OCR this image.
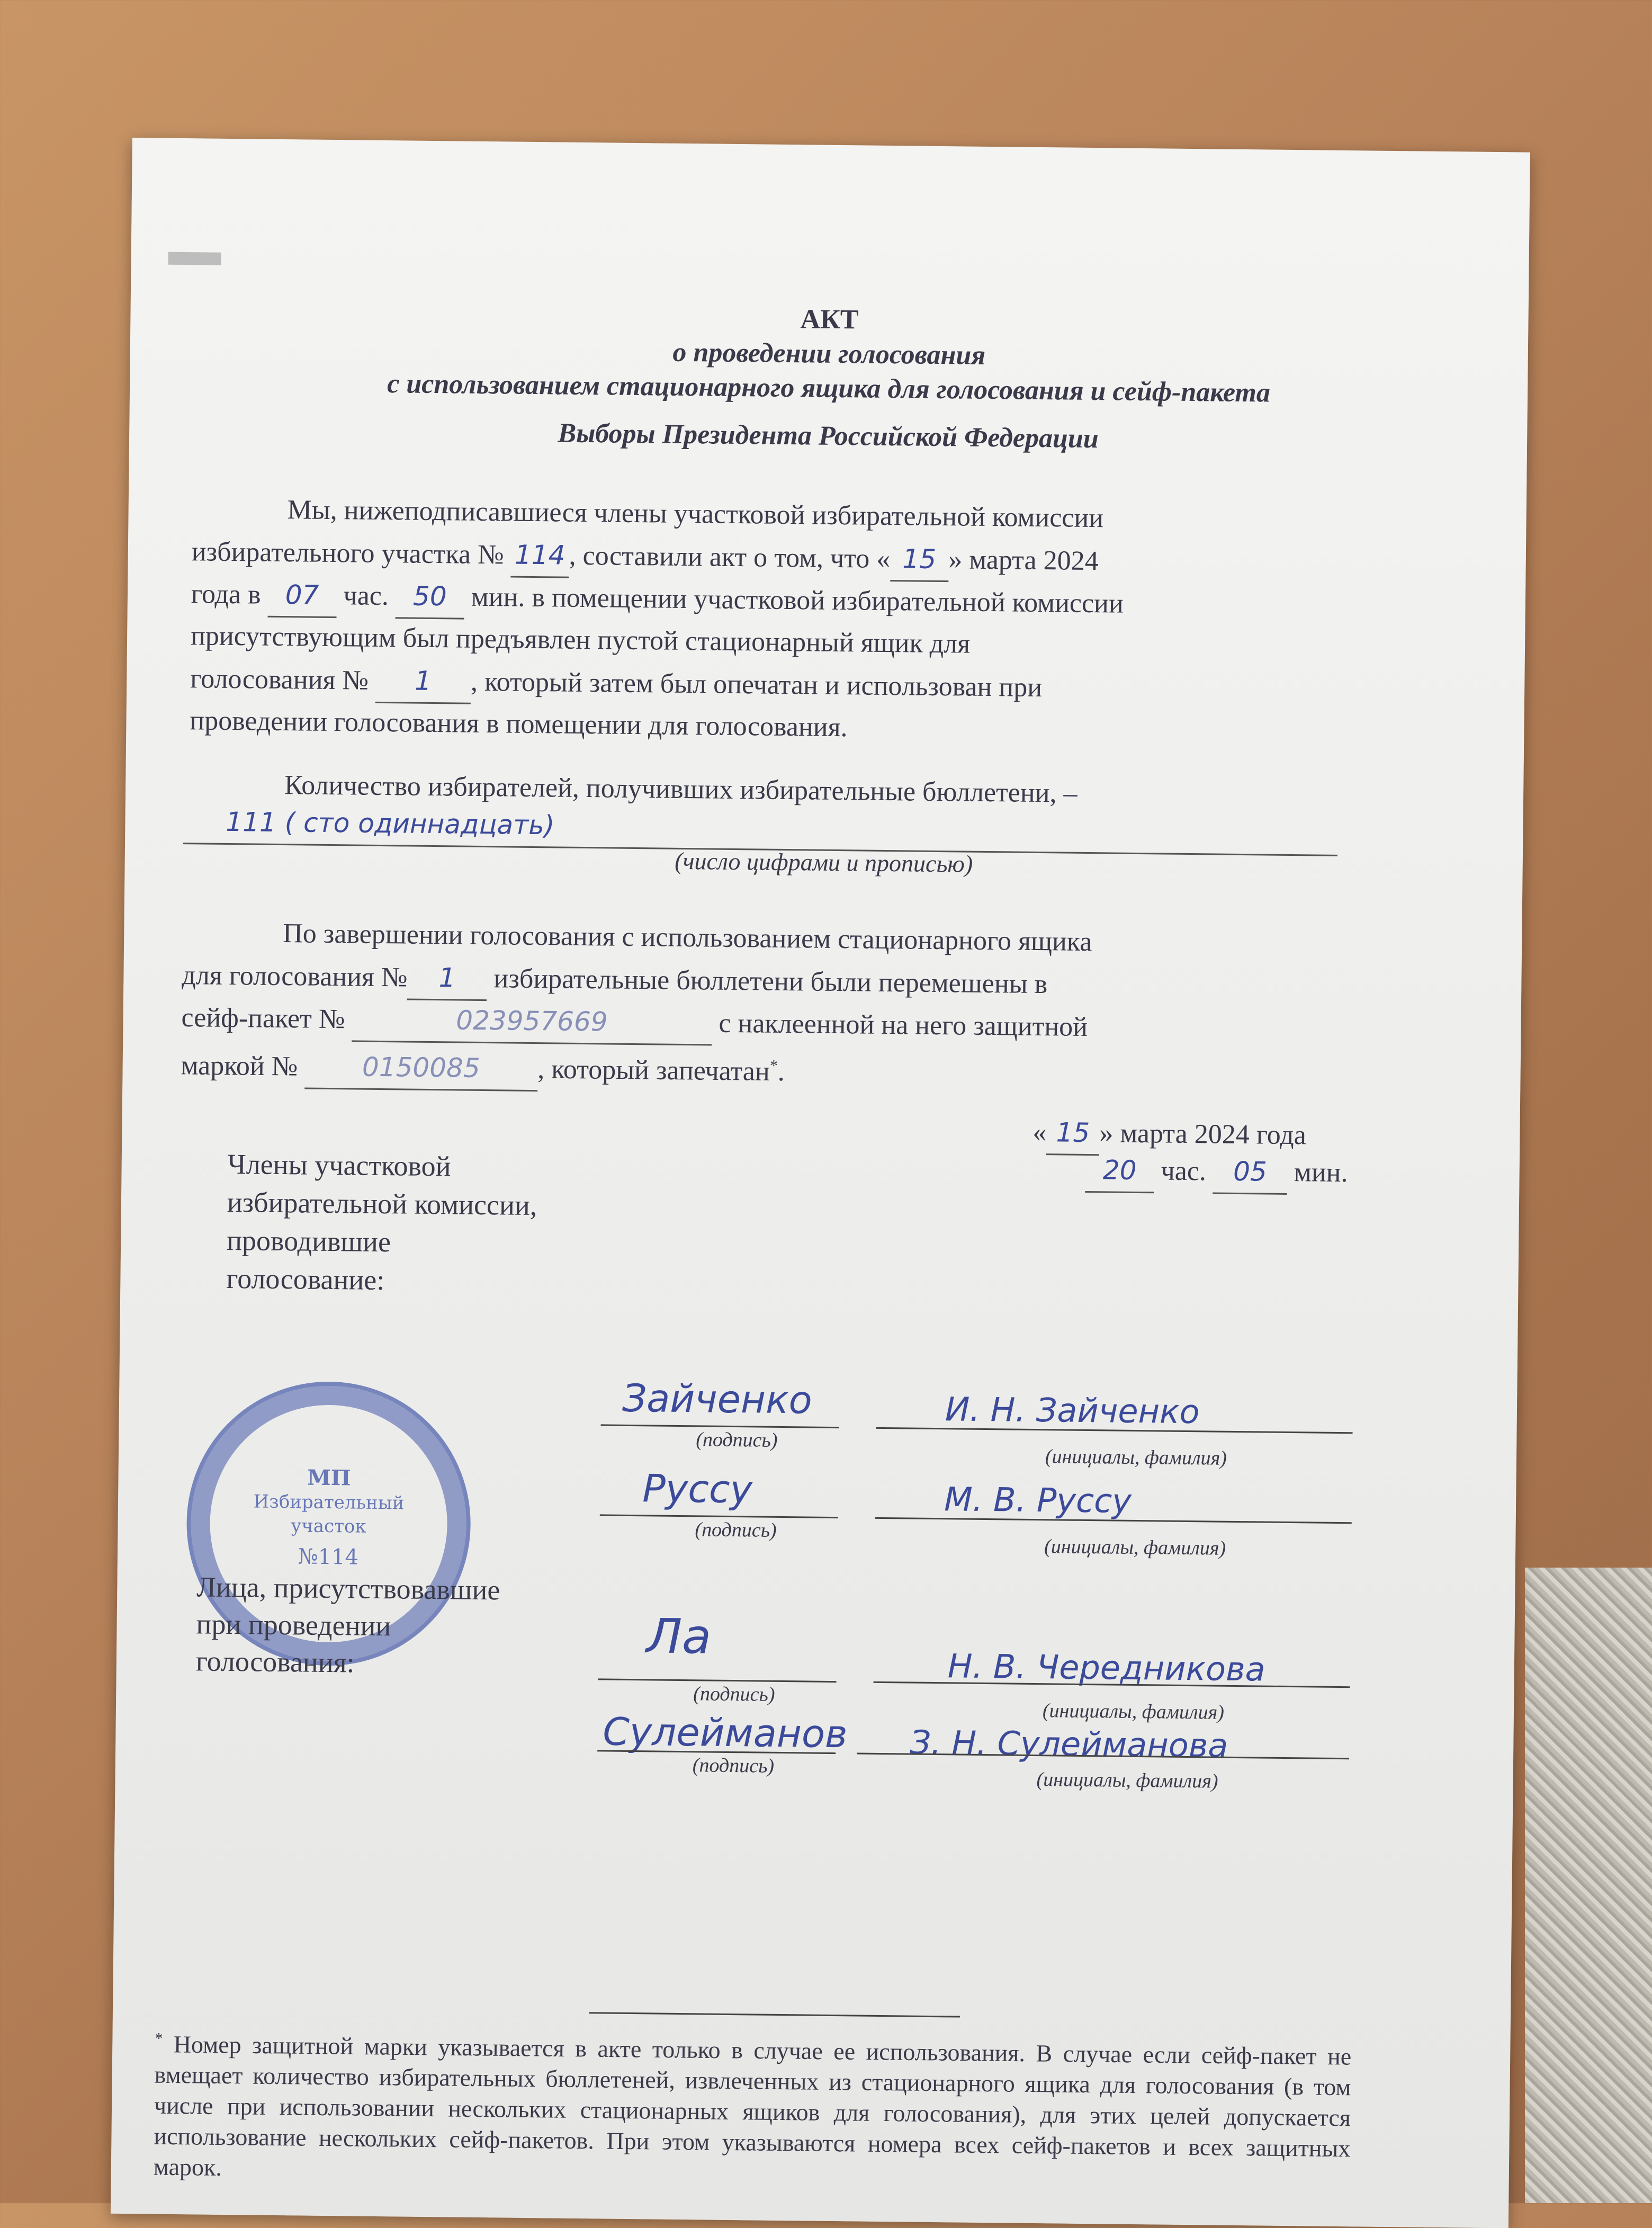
АКТ
о проведении голосования
с использованием стационарного ящика для голосования и сейф-пакета
Выборы Президента Российской Федерации
Мы, нижеподписавшиеся члены участковой избирательной комиссии
избирательного участка № 114 , составили акт о том, что « 15 » марта 2024
года в 07 час. 50 мин. в помещении участковой избирательной комиссии
присутствующим был предъявлен пустой стационарный ящик для
голосования № 1 , который затем был опечатан и использован при
проведении голосования в помещении для голосования.
Количество избирателей, получивших избирательные бюллетени, –
111 ( сто одиннадцать)
(число цифрами и прописью)
По завершении голосования с использованием стационарного ящика
для голосования № 1 избирательные бюллетени были перемешены в
сейф-пакет №	023957669	с наклеенной на него защитной
маркой № 0150085 , который запечатан*.
« 15 » марта 2024 года
20 час. 05 мин.
Члены участковой
избирательной комиссии,
проводившие
голосование:
МП
Избирательный
участок
№114
Лица, присутствовавшие
при проведении
голосования:
Зайченко
(подпись)
И. Н. Зайченко
(инициалы, фамилия)
Руссу
(подпись)
М. В. Руссу
(инициалы, фамилия)
Ла
(подпись)
Н. В. Чередникова
(инициалы, фамилия)
Сулейманов
(подпись)
З. Н. Сулейманова
(инициалы, фамилия)
* Номер защитной марки указывается в акте только в случае ее использования. В случае если сейф-пакет не вмещает количество избирательных бюллетеней, извлеченных из стационарного ящика для голосования (в том числе при использовании нескольких стационарных ящиков для голосования), для этих целей допускается использование нескольких сейф-пакетов. При этом указываются номера всех сейф-пакетов и всех защитных марок.
